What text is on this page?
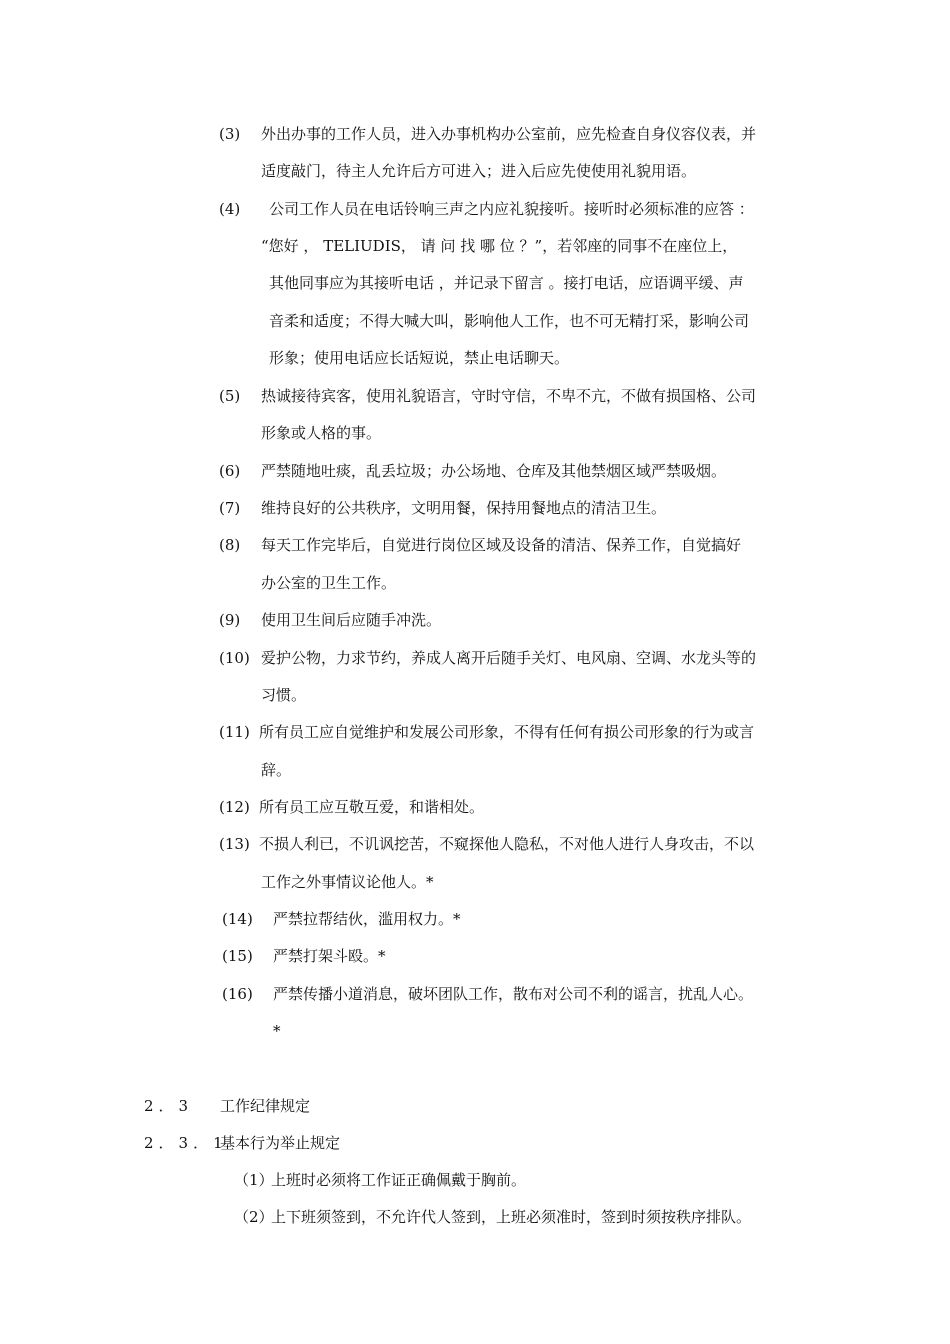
(3) 外出办事的工作人员，进入办事机构办公室前，应先检查自身仪容仪表，并
适度敲门，待主人允许后方可进入；进入后应先使使用礼貌用语。
(4) 公司工作人员在电话铃响三声之内应礼貌接听。接听时必须标准的应答 ：
“您好 ， TELIUDIS， 请 问 找 哪 位 ？”，若邻座的同事不在座位上，
其他同事应为其接听电话 ，并记录下留言 。接打电话，应语调平缓、声
音柔和适度；不得大喊大叫，影响他人工作，也不可无精打采，影响公司
形象；使用电话应长话短说，禁止电话聊天。
(5) 热诚接待宾客，使用礼貌语言，守时守信，不卑不亢，不做有损国格、公司
形象或人格的事。
(6) 严禁随地吐痰，乱丢垃圾；办公场地、仓库及其他禁烟区域严禁吸烟。
(7) 维持良好的公共秩序，文明用餐，保持用餐地点的清洁卫生。
(8) 每天工作完毕后，自觉进行岗位区域及设备的清洁、保养工作，自觉搞好
办公室的卫生工作。
(9) 使用卫生间后应随手冲洗。
(10) 爱护公物，力求节约，养成人离开后随手关灯、电风扇、空调、水龙头等的
习惯。
(11) 所有员工应自觉维护和发展公司形象，不得有任何有损公司形象的行为或言
辞。
(12) 所有员工应互敬互爱，和谐相处。
(13) 不损人利已，不讥讽挖苦，不窥探他人隐私，不对他人进行人身攻击，不以
工作之外事情议论他人。*
(14) 严禁拉帮结伙，滥用权力。*
(15) 严禁打架斗殴。*
(16) 严禁传播小道消息，破坏团队工作，散布对公司不利的谣言，扰乱人心。
*
2．3 工作纪律规定
2．3．1
基本行为举止规定
（1）
上班时必须将工作证正确佩戴于胸前。
（2）
上下班须签到，不允许代人签到，上班必须准时，签到时须按秩序排队。
